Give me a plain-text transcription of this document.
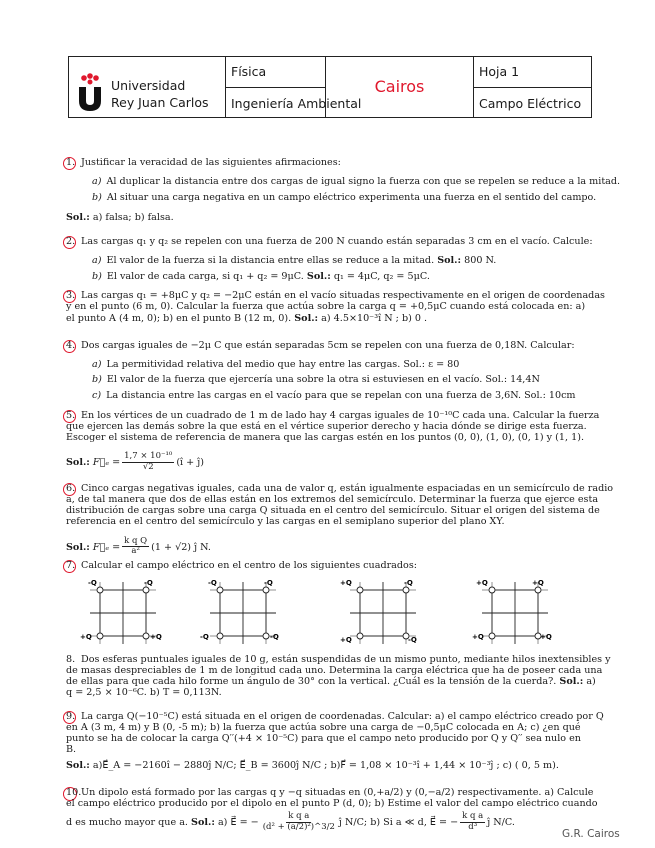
Universidad
Rey Juan Carlos
Física
Ingeniería Ambiental
Cairos
Hoja 1
Campo Eléctrico
1. Justificar la veracidad de las siguientes afirmaciones:
a) Al duplicar la distancia entre dos cargas de igual signo la fuerza con que se repelen se reduce a la mitad.
b) Al situar una carga negativa en un campo eléctrico experimenta una fuerza en el sentido del campo.
Sol.: a) falsa; b) falsa.
2. Las cargas q₁ y q₂ se repelen con una fuerza de 200 N cuando están separadas 3 cm en el vacío. Calcule:
a) El valor de la fuerza si la distancia entre ellas se reduce a la mitad. Sol.: 800 N.
b) El valor de cada carga, si q₁ + q₂ = 9μC. Sol.: q₁ = 4μC, q₂ = 5μC.
3. Las cargas q₁ = +8μC y q₂ = −2μC están en el vacío situadas respectivamente en el origen de coordenadas
y en el punto (6 m, 0). Calcular la fuerza que actúa sobre la carga q = +0,5μC cuando está colocada en: a)
el punto A (4 m, 0); b) en el punto B (12 m, 0). Sol.: a) 4.5×10⁻³î N ; b) 0 .
4. Dos cargas iguales de −2μ C que están separadas 5cm se repelen con una fuerza de 0,18N. Calcular:
a) La permitividad relativa del medio que hay entre las cargas. Sol.: ε = 80
b) El valor de la fuerza que ejercería una sobre la otra si estuviesen en el vacío. Sol.: 14,4N
c) La distancia entre las cargas en el vacío para que se repelan con una fuerza de 3,6N. Sol.: 10cm
5. En los vértices de un cuadrado de 1 m de lado hay 4 cargas iguales de 10⁻¹⁰C cada una. Calcular la fuerza
que ejercen las demás sobre la que está en el vértice superior derecho y hacia dónde se dirige esta fuerza.
Escoger el sistema de referencia de manera que las cargas estén en los puntos (0, 0), (1, 0), (0, 1) y (1, 1).
Sol.: F⃗ₑ = $\frac{\text{1,7 × 10⁻¹⁰}}{√2}$ (î + ĵ)
6. Cinco cargas negativas iguales, cada una de valor q, están igualmente espaciadas en un semicírculo de radio
a, de tal manera que dos de ellas están en los extremos del semicírculo. Determinar la fuerza que ejerce esta
distribución de cargas sobre una carga Q situada en el centro del semicírculo. Situar el origen del sistema de
referencia en el centro del semicírculo y las cargas en el semiplano superior del plano XY.
Sol.: F⃗ₑ = $\frac{\text{k q Q}}{\text{a²}} (1 + √2)$ ĵ N.
7. Calcular el campo eléctrico en el centro de los siguientes cuadrados:
-Q	-Q
+Q	+Q
-Q	-Q
-Q	-Q
+Q	-Q
+Q	-Q
+Q	+Q
+Q	+Q
8. Dos esferas puntuales iguales de 10 g, están suspendidas de un mismo punto, mediante hilos inextensibles y
de masas despreciables de 1 m de longitud cada uno. Determina la carga eléctrica que ha de poseer cada una
de ellas para que cada hilo forme un ángulo de 30° con la vertical. ¿Cuál es la tensión de la cuerda?. Sol.: a)
q = 2,5 × 10⁻⁶C. b) T = 0,113N.
9. La carga Q(−10⁻⁵C) está situada en el origen de coordenadas. Calcular: a) el campo eléctrico creado por Q
en A (3 m, 4 m) y B (0, -5 m); b) la fuerza que actúa sobre una carga de −0,5μC colocada en A; c) ¿en qué
punto se ha de colocar la carga Q′′(+4 × 10⁻⁵C) para que el campo neto producido por Q y Q′′ sea nulo en
B.
Sol.: a)E⃗_A = −2160î − 2880ĵ N/C; E⃗_B = 3600ĵ N/C ; b)F⃗ = 1,08 × 10⁻³î + 1,44 × 10⁻³ĵ ; c) ( 0, 5 m).
10.Un dipolo está formado por las cargas q y −q situadas en (0,+a/2) y (0,−a/2) respectivamente. a) Calcule
el campo eléctrico producido por el dipolo en el punto P (d, 0); b) Estime el valor del campo eléctrico cuando
d es mucho mayor que a. Sol.: a) E⃗ = − $\frac{\text{k q a}}{\text{(d² + (a/2)²)\textasciicircum{}3/2}}$ ĵ N/C; b) Si a ≪ d, E⃗ = − $\frac{\text{k q a}}{\text{d³}}$ ĵ N/C.
G.R. Cairos
